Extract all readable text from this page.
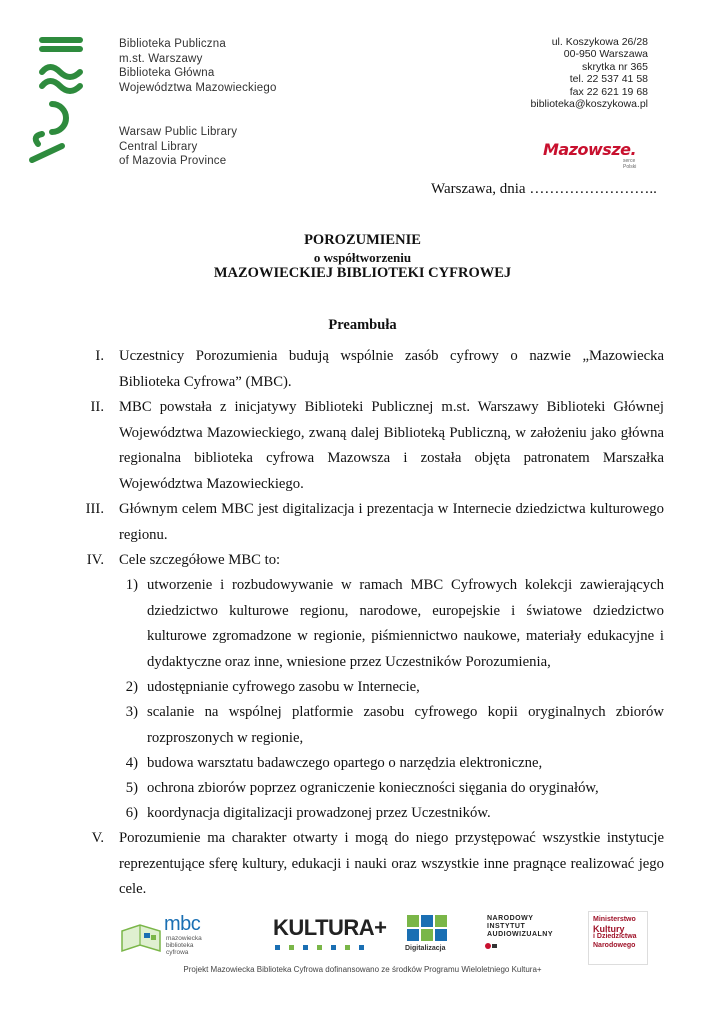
Biblioteka Publiczna
m.st. Warszawy
Biblioteka Główna
Województwa Mazowieckiego
Warsaw Public Library
Central Library
of Mazovia Province
ul. Koszykowa 26/28
00-950 Warszawa
skrytka nr 365
tel. 22 537 41 58
fax 22 621 19 68
biblioteka@koszykowa.pl
Mazowsze.
serce Polski
Warszawa, dnia ……………………..
POROZUMIENIE
o współtworzeniu
MAZOWIECKIEJ BIBLIOTEKI CYFROWEJ
Preambuła
I. Uczestnicy Porozumienia budują wspólnie zasób cyfrowy o nazwie „Mazowiecka
Biblioteka Cyfrowa” (MBC).
II. MBC powstała z inicjatywy Biblioteki Publicznej m.st. Warszawy Biblioteki Głównej
Województwa Mazowieckiego, zwaną dalej Biblioteką Publiczną, w założeniu jako główna
regionalna biblioteka cyfrowa Mazowsza i została objęta patronatem Marszałka
Województwa Mazowieckiego.
III. Głównym celem MBC jest digitalizacja i prezentacja w Internecie dziedzictwa kulturowego
regionu.
IV. Cele szczegółowe MBC to:
1) utworzenie i rozbudowywanie w ramach MBC Cyfrowych kolekcji zawierających
dziedzictwo kulturowe regionu, narodowe, europejskie i światowe dziedzictwo
kulturowe zgromadzone w regionie, piśmiennictwo naukowe, materiały edukacyjne i
dydaktyczne oraz inne, wniesione przez Uczestników Porozumienia,
2) udostępnianie cyfrowego zasobu w Internecie,
3) scalanie na wspólnej platformie zasobu cyfrowego kopii oryginalnych zbiorów
rozproszonych w regionie,
4) budowa warsztatu badawczego opartego o narzędzia elektroniczne,
5) ochrona zbiorów poprzez ograniczenie konieczności sięgania do oryginałów,
6) koordynacja digitalizacji prowadzonej przez Uczestników.
V. Porozumienie ma charakter otwarty i mogą do niego przystępować wszystkie instytucje
reprezentujące sferę kultury, edukacji i nauki oraz wszystkie inne pragnące realizować jego
cele.
mbc
mazowiecka
biblioteka
cyfrowa
KULTURA+
Digitalizacja
NARODOWY
INSTYTUT
AUDIOWIZUALNY
Ministerstwo
Kultury
i Dziedzictwa
Narodowego
Projekt Mazowiecka Biblioteka Cyfrowa dofinansowano ze środków Programu Wieloletniego Kultura+
